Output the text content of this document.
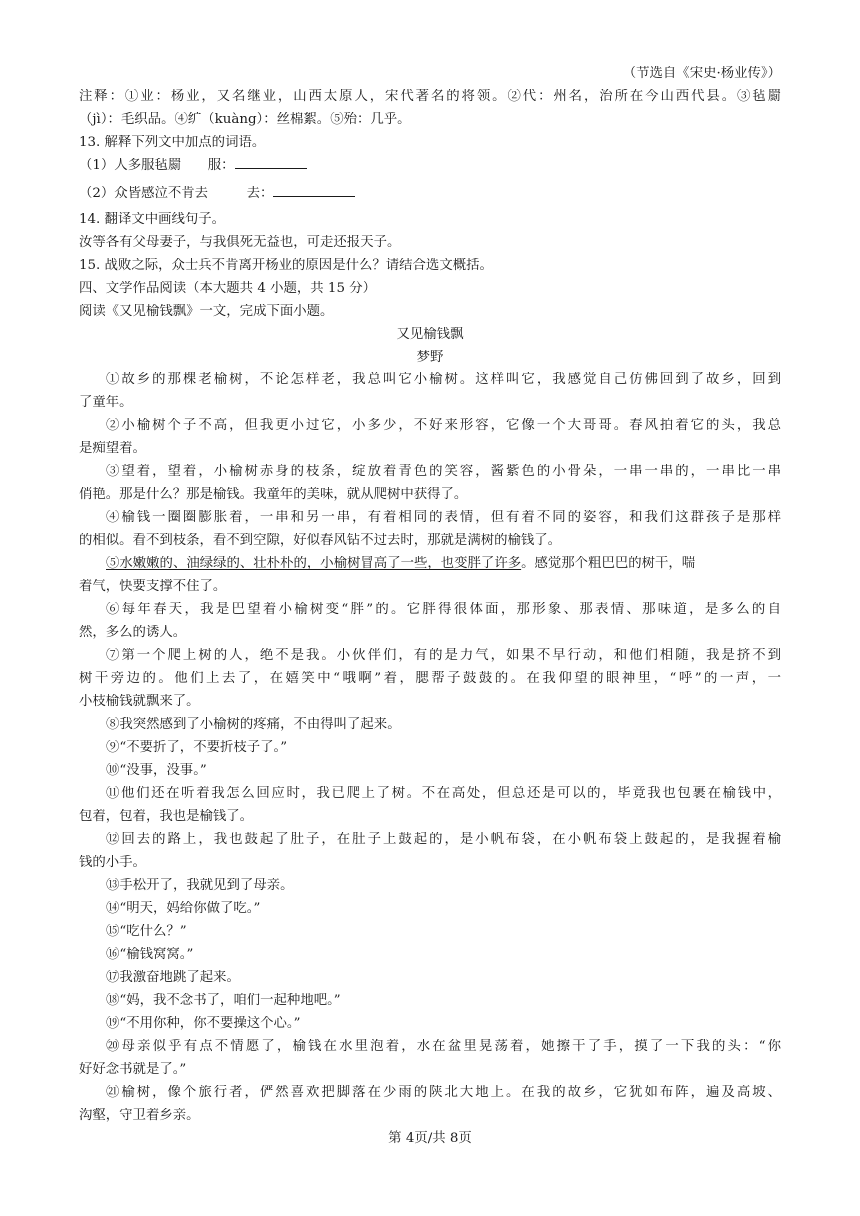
（节选自《宋史·杨业传》）
注释：①业：杨业，又名继业，山西太原人，宋代著名的将领。②代：州名，治所在今山西代县。③毡罽
（jì）：毛织品。④纩（kuàng）：丝棉絮。⑤殆：几乎。
13. 解释下列文中加点的词语。
（1）人多服毡罽 服：
（2）众皆感泣不肯去	去：
14. 翻译文中画线句子。
汝等各有父母妻子，与我俱死无益也，可走还报天子。
15. 战败之际，众士兵不肯离开杨业的原因是什么？请结合选文概括。
四、文学作品阅读（本大题共 4 小题，共 15 分）
阅读《又见榆钱飘》一文，完成下面小题。
又见榆钱飘
梦野
①故乡的那棵老榆树，不论怎样老，我总叫它小榆树。这样叫它，我感觉自己仿佛回到了故乡，回到
了童年。
②小榆树个子不高，但我更小过它，小多少，不好来形容，它像一个大哥哥。春风拍着它的头，我总
是痴望着。
③望着，望着，小榆树赤身的枝条，绽放着青色的笑容，酱紫色的小骨朵，一串一串的，一串比一串
俏艳。那是什么？那是榆钱。我童年的美味，就从爬树中获得了。
④榆钱一圈圈膨胀着，一串和另一串，有着相同的表情，但有着不同的姿容，和我们这群孩子是那样
的相似。看不到枝条，看不到空隙，好似春风钻不过去时，那就是满树的榆钱了。
⑤水嫩嫩的、油绿绿的、壮朴朴的，小榆树冒高了一些，也变胖了许多。感觉那个粗巴巴的树干，喘
着气，快要支撑不住了。
⑥每年春天，我是巴望着小榆树变“胖”的。它胖得很体面，那形象、那表情、那味道，是多么的自
然，多么的诱人。
⑦第一个爬上树的人，绝不是我。小伙伴们，有的是力气，如果不早行动，和他们相随，我是挤不到
树干旁边的。他们上去了，在嬉笑中“哦啊”着，腮帮子鼓鼓的。在我仰望的眼神里，“呼”的一声，一
小枝榆钱就飘来了。
⑧我突然感到了小榆树的疼痛，不由得叫了起来。
⑨“不要折了，不要折枝子了。”
⑩“没事，没事。”
⑪他们还在听着我怎么回应时，我已爬上了树。不在高处，但总还是可以的，毕竟我也包裹在榆钱中，
包着，包着，我也是榆钱了。
⑫回去的路上，我也鼓起了肚子，在肚子上鼓起的，是小帆布袋，在小帆布袋上鼓起的，是我握着榆
钱的小手。
⑬手松开了，我就见到了母亲。
⑭“明天，妈给你做了吃。”
⑮“吃什么？”
⑯“榆钱窝窝。”
⑰我激奋地跳了起来。
⑱“妈，我不念书了，咱们一起种地吧。”
⑲“不用你种，你不要操这个心。”
⑳母亲似乎有点不情愿了，榆钱在水里泡着，水在盆里晃荡着，她擦干了手，摸了一下我的头：“你
好好念书就是了。”
㉑榆树，像个旅行者，俨然喜欢把脚落在少雨的陕北大地上。在我的故乡，它犹如布阵，遍及高坡、
沟壑，守卫着乡亲。
第 4页/共 8页
